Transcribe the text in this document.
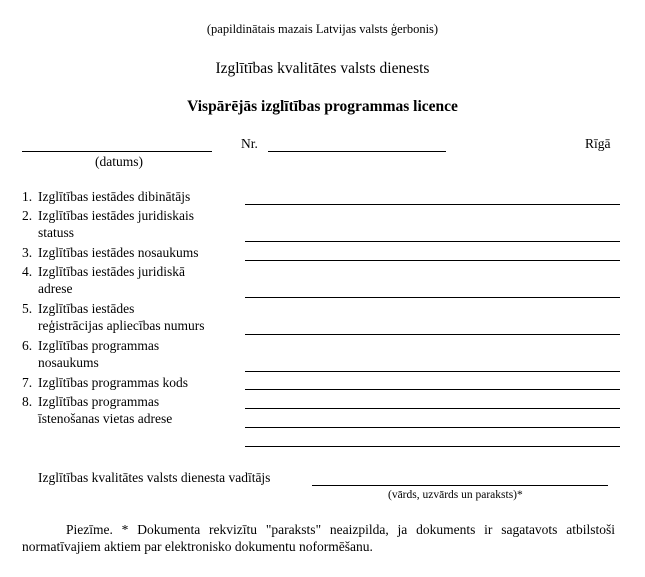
(papildinātais mazais Latvijas valsts ģerbonis)
Izglītības kvalitātes valsts dienests
Vispārējās izglītības programmas licence
(datums)
Nr.	Rīgā
1. Izglītības iestādes dibinātājs
2. Izglītības iestādes juridiskais
statuss
3. Izglītības iestādes nosaukums
4. Izglītības iestādes juridiskā
adrese
5. Izglītības iestādes
reģistrācijas apliecības numurs
6. Izglītības programmas
nosaukums
7. Izglītības programmas kods
8. Izglītības programmas
īstenošanas vietas adrese
Izglītības kvalitātes valsts dienesta vadītājs
(vārds, uzvārds un paraksts)*
Piezīme. * Dokumenta rekvizītu "paraksts" neaizpilda, ja dokuments ir sagatavots atbilstoši normatīvajiem aktiem par elektronisko dokumentu noformēšanu.
